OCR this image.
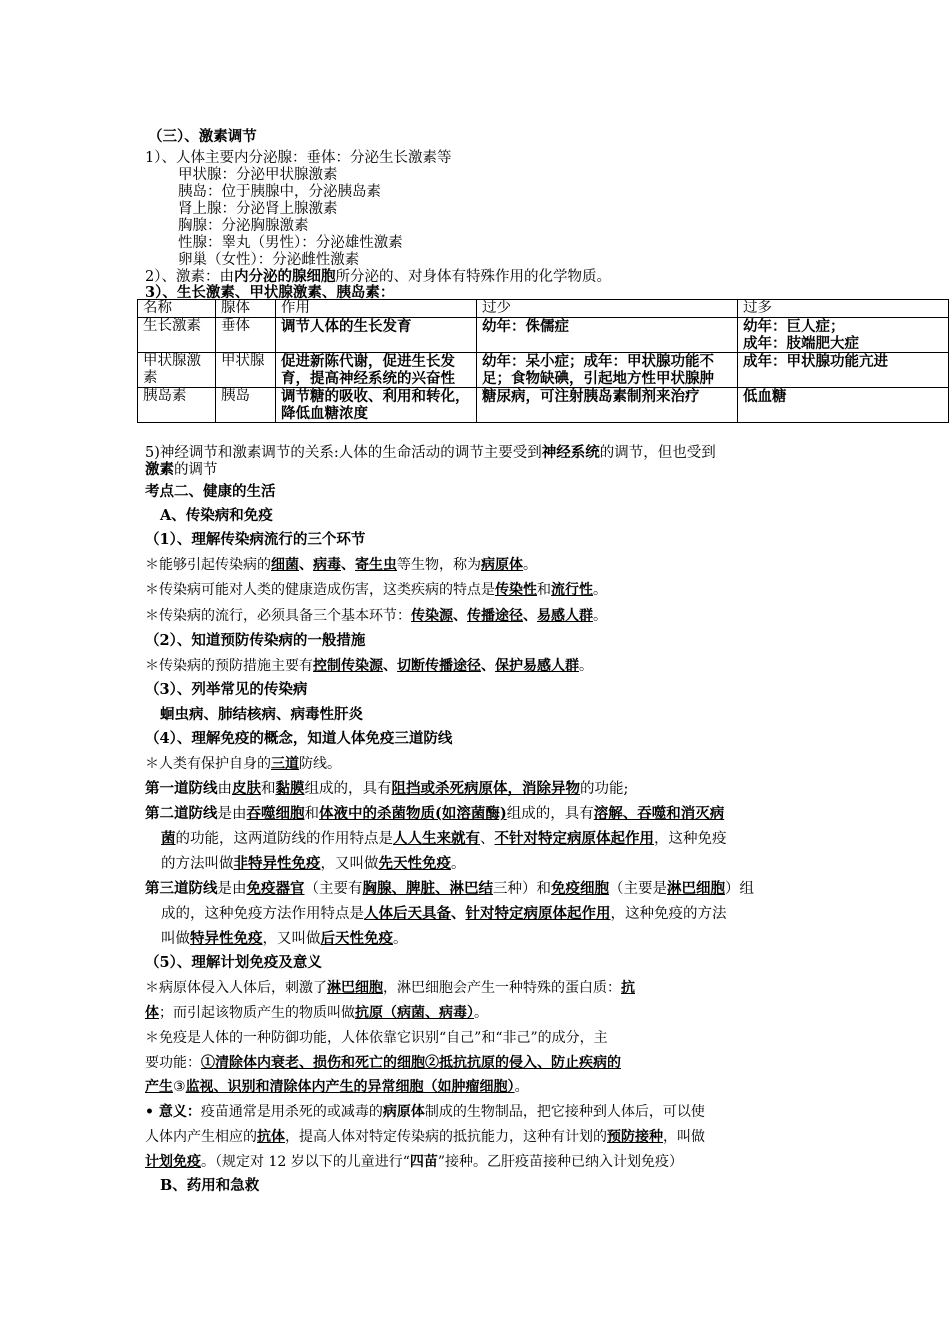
（三）、激素调节
1）、人体主要内分泌腺：垂体：分泌生长激素等
甲状腺：分泌甲状腺激素
胰岛：位于胰腺中，分泌胰岛素
肾上腺：分泌肾上腺激素
胸腺：分泌胸腺激素
性腺：睾丸（男性）：分泌雄性激素
卵巢（女性）：分泌雌性激素
2）、激素：由内分泌的腺细胞所分泌的、对身体有特殊作用的化学物质。
3）、生长激素、甲状腺激素、胰岛素：
名称	腺体	作用	过少	过多
生长激素	垂体	调节人体的生长发育	幼年：侏儒症	幼年：巨人症；
成年：肢端肥大症
甲状腺激素	甲状腺	促进新陈代谢，促进生长发育，提高神经系统的兴奋性	幼年：呆小症；成年：甲状腺功能不足；食物缺碘，引起地方性甲状腺肿	成年：甲状腺功能亢进
胰岛素	胰岛	调节糖的吸收、利用和转化，降低血糖浓度	糖尿病，可注射胰岛素制剂来治疗	低血糖
5)神经调节和激素调节的关系:人体的生命活动的调节主要受到神经系统的调节，但也受到
激素的调节
考点二、健康的生活
A、传染病和免疫
（1）、理解传染病流行的三个环节
＊能够引起传染病的细菌、病毒、寄生虫等生物，称为病原体。
＊传染病可能对人类的健康造成伤害，这类疾病的特点是传染性和流行性。
＊传染病的流行，必须具备三个基本环节：传染源、传播途径、易感人群。
（2）、知道预防传染病的一般措施
＊传染病的预防措施主要有控制传染源、切断传播途径、保护易感人群。
（3）、列举常见的传染病
蛔虫病、肺结核病、病毒性肝炎
（4）、理解免疫的概念，知道人体免疫三道防线
＊人类有保护自身的三道防线。
第一道防线由皮肤和黏膜组成的，具有阻挡或杀死病原体，消除异物的功能;
第二道防线是由吞噬细胞和体液中的杀菌物质(如溶菌酶)组成的，具有溶解、吞噬和消灭病
菌的功能，这两道防线的作用特点是人人生来就有、不针对特定病原体起作用，这种免疫
的方法叫做非特异性免疫，又叫做先天性免疫。
第三道防线是由免疫器官（主要有胸腺、脾脏、淋巴结三种）和免疫细胞（主要是淋巴细胞）组
成的，这种免疫方法作用特点是人体后天具备、针对特定病原体起作用，这种免疫的方法
叫做特异性免疫，又叫做后天性免疫。
（5）、理解计划免疫及意义
＊病原体侵入人体后，刺激了淋巴细胞，淋巴细胞会产生一种特殊的蛋白质：抗
体；而引起该物质产生的物质叫做抗原（病菌、病毒）。
＊免疫是人体的一种防御功能，人体依靠它识别“自己”和“非己”的成分，主
要功能：①清除体内衰老、损伤和死亡的细胞②抵抗抗原的侵入、防止疾病的
产生③监视、识别和清除体内产生的异常细胞（如肿瘤细胞）。
• 意义：疫苗通常是用杀死的或减毒的病原体制成的生物制品，把它接种到人体后，可以使
人体内产生相应的抗体，提高人体对特定传染病的抵抗能力，这种有计划的预防接种，叫做
计划免疫。（规定对 12 岁以下的儿童进行“四苗”接种。乙肝疫苗接种已纳入计划免疫）
B、药用和急救
